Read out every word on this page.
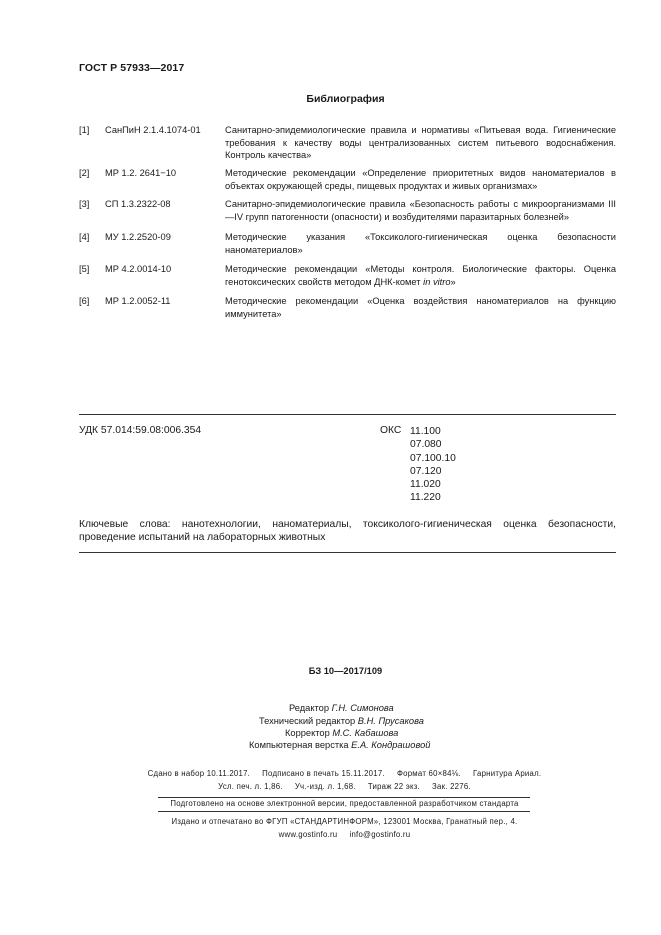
ГОСТ Р 57933—2017
Библиография
[1] СанПиН 2.1.4.1074-01	Санитарно-эпидемиологические правила и нормативы «Питьевая вода. Гигиенические требования к качеству воды централизованных систем питьевого водоснабжения. Контроль качества»
[2] МР 1.2. 2641−10	Методические рекомендации «Определение приоритетных видов наноматериалов в объектах окружающей среды, пищевых продуктах и живых организмах»
[3] СП 1.3.2322-08	Санитарно-эпидемиологические правила «Безопасность работы с микроорганизмами III—IV групп патогенности (опасности) и возбудителями паразитарных болезней»
[4] МУ 1.2.2520-09	Методические указания «Токсиколого-гигиеническая оценка безопасности наноматериалов»
[5] МР 4.2.0014-10	Методические рекомендации «Методы контроля. Биологические факторы. Оценка генотоксических свойств методом ДНК-комет in vitro»
[6] МР 1.2.0052-11	Методические рекомендации «Оценка воздействия наноматериалов на функцию иммунитета»
УДК 57.014:59.08:006.354	ОКС 11.100
07.080
07.100.10
07.120
11.020
11.220
Ключевые слова: нанотехнологии, наноматериалы, токсиколого-гигиеническая оценка безопасности, проведение испытаний на лабораторных животных
БЗ 10—2017/109
Редактор Г.Н. Симонова
Технический редактор В.Н. Прусакова
Корректор М.С. Кабашова
Компьютерная верстка Е.А. Кондрашовой
Сдано в набор 10.11.2017.     Подписано в печать 15.11.2017.     Формат 60×84⅛.     Гарнитура Ариал.
Усл. печ. л. 1,86.     Уч.-изд. л. 1,68.     Тираж 22 экз.     Зак. 2276.
Подготовлено на основе электронной версии, предоставленной разработчиком стандарта
Издано и отпечатано во ФГУП «СТАНДАРТИНФОРМ», 123001 Москва, Гранатный пер., 4.
www.gostinfo.ru     info@gostinfo.ru
